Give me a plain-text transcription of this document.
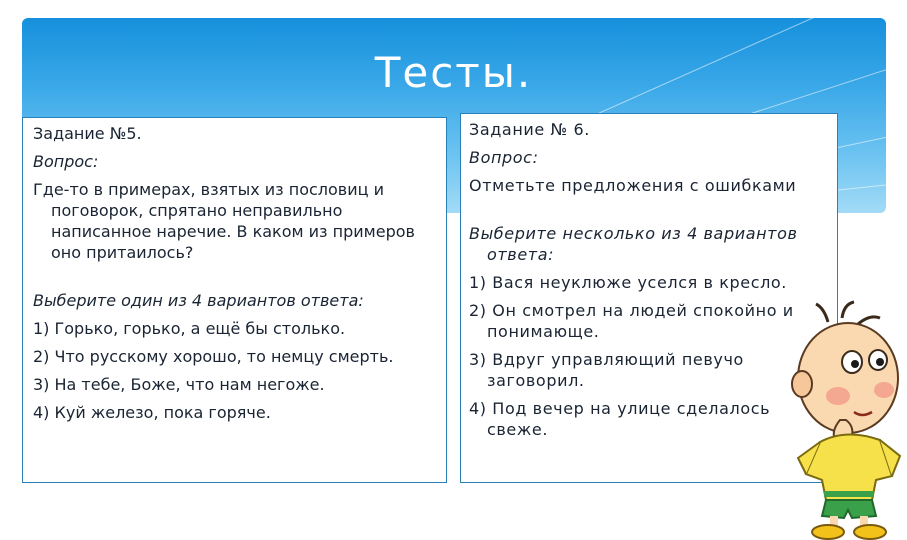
Тесты.

Задание №5.

Вопрос:

Где-то в примерах, взятых из пословиц и поговорок, спрятано неправильно написанное наречие. В каком из примеров оно притаилось?

Выберите один из 4 вариантов ответа:

1) Горько, горько, а ещё бы столько.

2) Что русскому хорошо, то немцу смерть.

3) На тебе, Боже, что нам негоже.

4) Куй железо, пока горяче.

Задание № 6.

Вопрос:

Отметьте предложения с ошибками

Выберите несколько из 4 вариантов ответа:

1) Вася неуклюже уселся в кресло.

2) Он смотрел на людей спокойно и понимающе.

3) Вдруг управляющий певучо заговорил.

4) Под вечер на улице сделалось свеже.
